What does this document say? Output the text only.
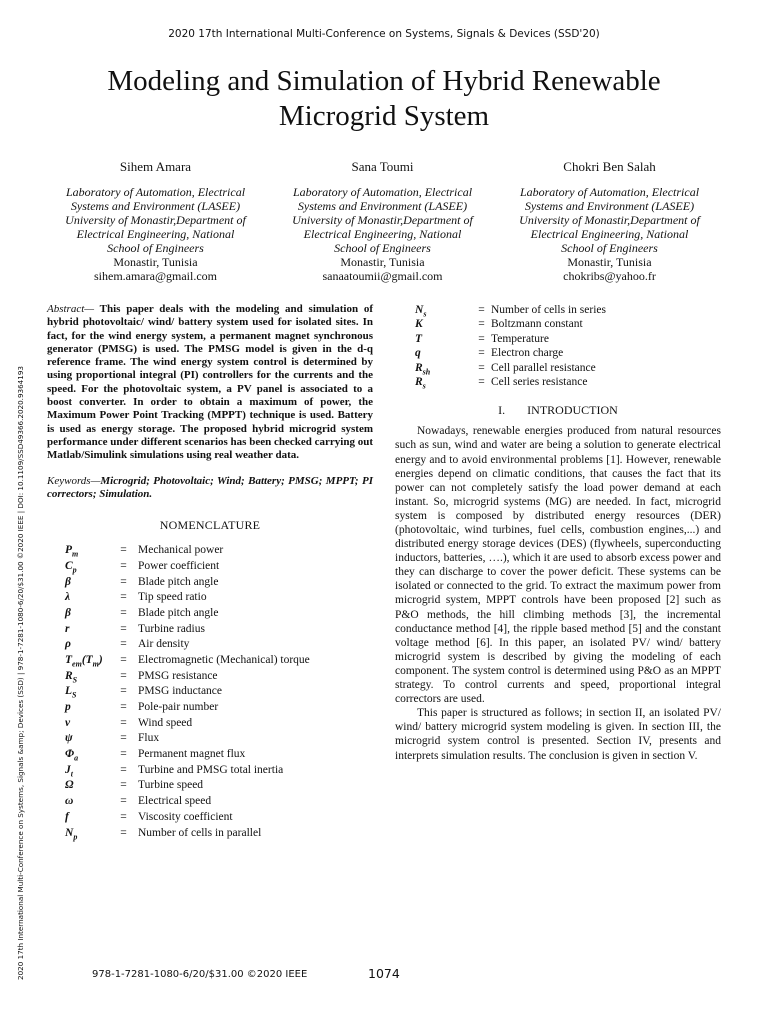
2020 17th International Multi-Conference on Systems, Signals & Devices (SSD'20)
Modeling and Simulation of Hybrid Renewable
Microgrid System
Sihem Amara
Laboratory of Automation, Electrical
Systems and Environment (LASEE)
University of Monastir,Department of
Electrical Engineering, National
School of Engineers
Monastir, Tunisia
sihem.amara@gmail.com
Sana Toumi
Laboratory of Automation, Electrical
Systems and Environment (LASEE)
University of Monastir,Department of
Electrical Engineering, National
School of Engineers
Monastir, Tunisia
sanaatoumii@gmail.com
Chokri Ben Salah
Laboratory of Automation, Electrical
Systems and Environment (LASEE)
University of Monastir,Department of
Electrical Engineering, National
School of Engineers
Monastir, Tunisia
chokribs@yahoo.fr
2020 17th International Multi-Conference on Systems, Signals &amp; Devices (SSD) | 978-1-7281-1080-6/20/$31.00 ©2020 IEEE | DOI: 10.1109/SSD49366.2020.9364193

Abstract— This paper deals with the modeling and simulation of hybrid photovoltaic/ wind/ battery system used for isolated sites. In fact, for the wind energy system, a permanent magnet synchronous generator (PMSG) is used. The PMSG model is given in the d-q reference frame. The wind energy system control is determined by using proportional integral (PI) controllers for the currents and the speed. For the photovoltaic system, a PV panel is associated to a boost converter. In order to obtain a maximum of power, the Maximum Power Point Tracking (MPPT) technique is used. Battery is used as energy storage. The proposed hybrid microgrid system performance under different scenarios has been checked carrying out Matlab/Simulink simulations using real weather data.

Keywords—Microgrid; Photovoltaic; Wind; Battery; PMSG; MPPT; PI correctors; Simulation.

NOMENCLATURE
$P_m$	= Mechanical power
$C_p$	= Power coefficient
β	= Blade pitch angle
λ	= Tip speed ratio
β	= Blade pitch angle
r	= Turbine radius
ρ	= Air density
$T_{em}(T_m)$	= Electromagnetic (Mechanical) torque
$R_S$	= PMSG resistance
$L_S$	= PMSG inductance
p	= Pole-pair number
v	= Wind speed
ψ	= Flux
$\Phi_a$	= Permanent magnet flux
$J_t$	= Turbine and PMSG total inertia
Ω	= Turbine speed
ω	= Electrical speed
f	= Viscosity coefficient
$N_p$	= Number of cells in parallel
$N_s$	= Number of cells in series
K	= Boltzmann constant
T	= Temperature
q	= Electron charge
$R_{sh}$	= Cell parallel resistance
$R_s$	= Cell series resistance
I. INTRODUCTION

Nowadays, renewable energies produced from natural resources such as sun, wind and water are being a solution to generate electrical energy and to avoid environmental problems [1]. However, renewable energies depend on climatic conditions, that causes the fact that its power can not completely satisfy the load power demand at each instant. So, microgrid systems (MG) are needed. In fact, microgrid system is composed by distributed energy resources (DER) (photovoltaic, wind turbines, fuel cells, combustion engines,...) and distributed energy storage devices (DES) (flywheels, superconducting inductors, batteries, ….), which it are used to absorb excess power and they can discharge to cover the power deficit. These systems can be isolated or connected to the grid. To extract the maximum power from microgrid system, MPPT controls have been proposed [2] such as P&O methods, the hill climbing methods [3], the incremental conductance method [4], the ripple based method [5] and the constant voltage method [6]. In this paper, an isolated PV/ wind/ battery microgrid system is described by giving the modeling of each component. The system control is determined using P&O as an MPPT strategy. To control currents and speed, proportional integral correctors are used.

This paper is structured as follows; in section II, an isolated PV/ wind/ battery microgrid system modeling is given. In section III, the microgrid system control is presented. Section IV, presents and interprets simulation results. The conclusion is given in section V.

978-1-7281-1080-6/20/$31.00 ©2020 IEEE	1074
